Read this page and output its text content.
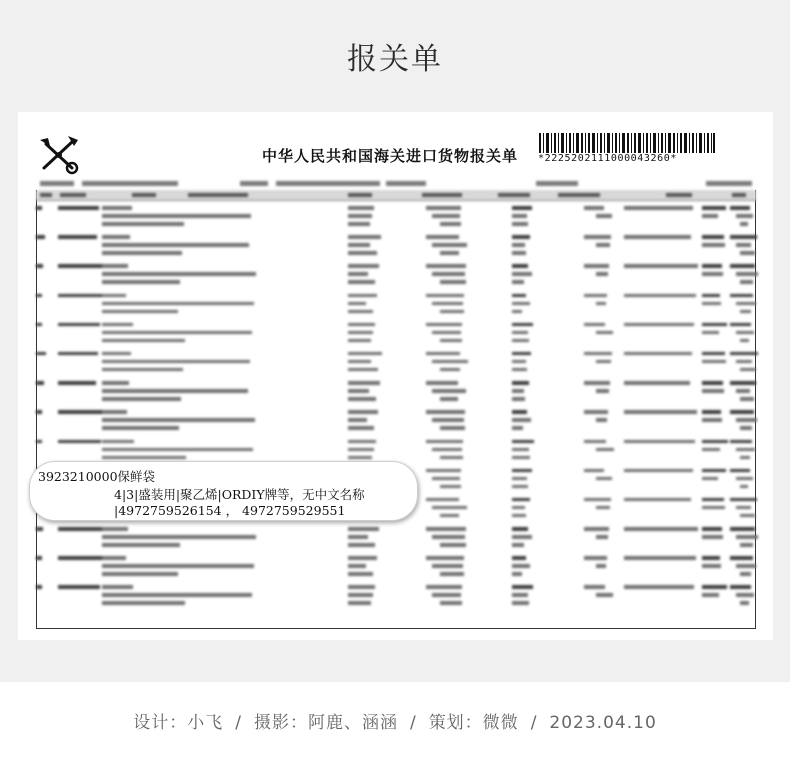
报关单
中华人民共和国海关进口货物报关单 *2225202111000043260*
3923210000保鲜袋
4|3|盛装用|聚乙烯|ORDIY牌等，无中文名称
|4972759526154 ， 4972759529551
设计：小飞 / 摄影：阿鹿、涵涵 / 策划：微微 / 2023.04.10
